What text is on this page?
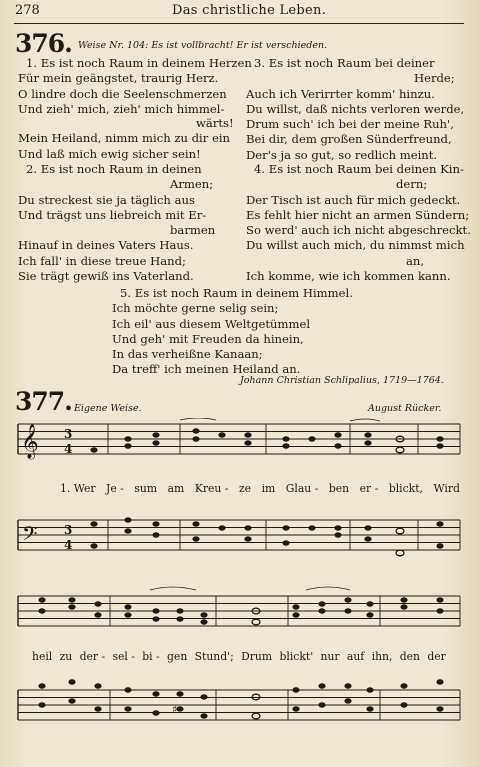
278	Das christliche Leben.
376. Weise Nr. 104: Es ist vollbracht! Er ist verschieden.
1. Es ist noch Raum in deinem Herzen
Für mein geängstet, traurig Herz.
O lindre doch die Seelenschmerzen
Und zieh' mich, zieh' mich himmel-
wärts!
Mein Heiland, nimm mich zu dir ein
Und laß mich ewig sicher sein!
3. Es ist noch Raum bei deiner
Herde;
Auch ich Verirrter komm' hinzu.
Du willst, daß nichts verloren werde,
Drum such' ich bei der meine Ruh',
Bei dir, dem großen Sünderfreund,
Der's ja so gut, so redlich meint.
2. Es ist noch Raum in deinen
Armen;
Du streckest sie ja täglich aus
Und trägst uns liebreich mit Er-
barmen
Hinauf in deines Vaters Haus.
Ich fall' in diese treue Hand;
Sie trägt gewiß ins Vaterland.
4. Es ist noch Raum bei deinen Kin-
dern;
Der Tisch ist auch für mich gedeckt.
Es fehlt hier nicht an armen Sündern;
So werd' auch ich nicht abgeschreckt.
Du willst auch mich, du nimmst mich
an,
Ich komme, wie ich kommen kann.
5. Es ist noch Raum in deinem Himmel.
Ich möchte gerne selig sein;
Ich eil' aus diesem Weltgetümmel
Und geh' mit Freuden da hinein,
In das verheißne Kanaan;
Da treff' ich meinen Heiland an.
Johann Christian Schlipalius, 1719—1764.
377. Eigene Weise.	August Rücker.
𝄞 3
4
1. Wer Je - sum am Kreu - ze im Glau - ben er - blickt, Wird
𝄢 3
4
heil zu der - sel - bi - gen Stund'; Drum blickt' nur auf ihn, den der
♯
